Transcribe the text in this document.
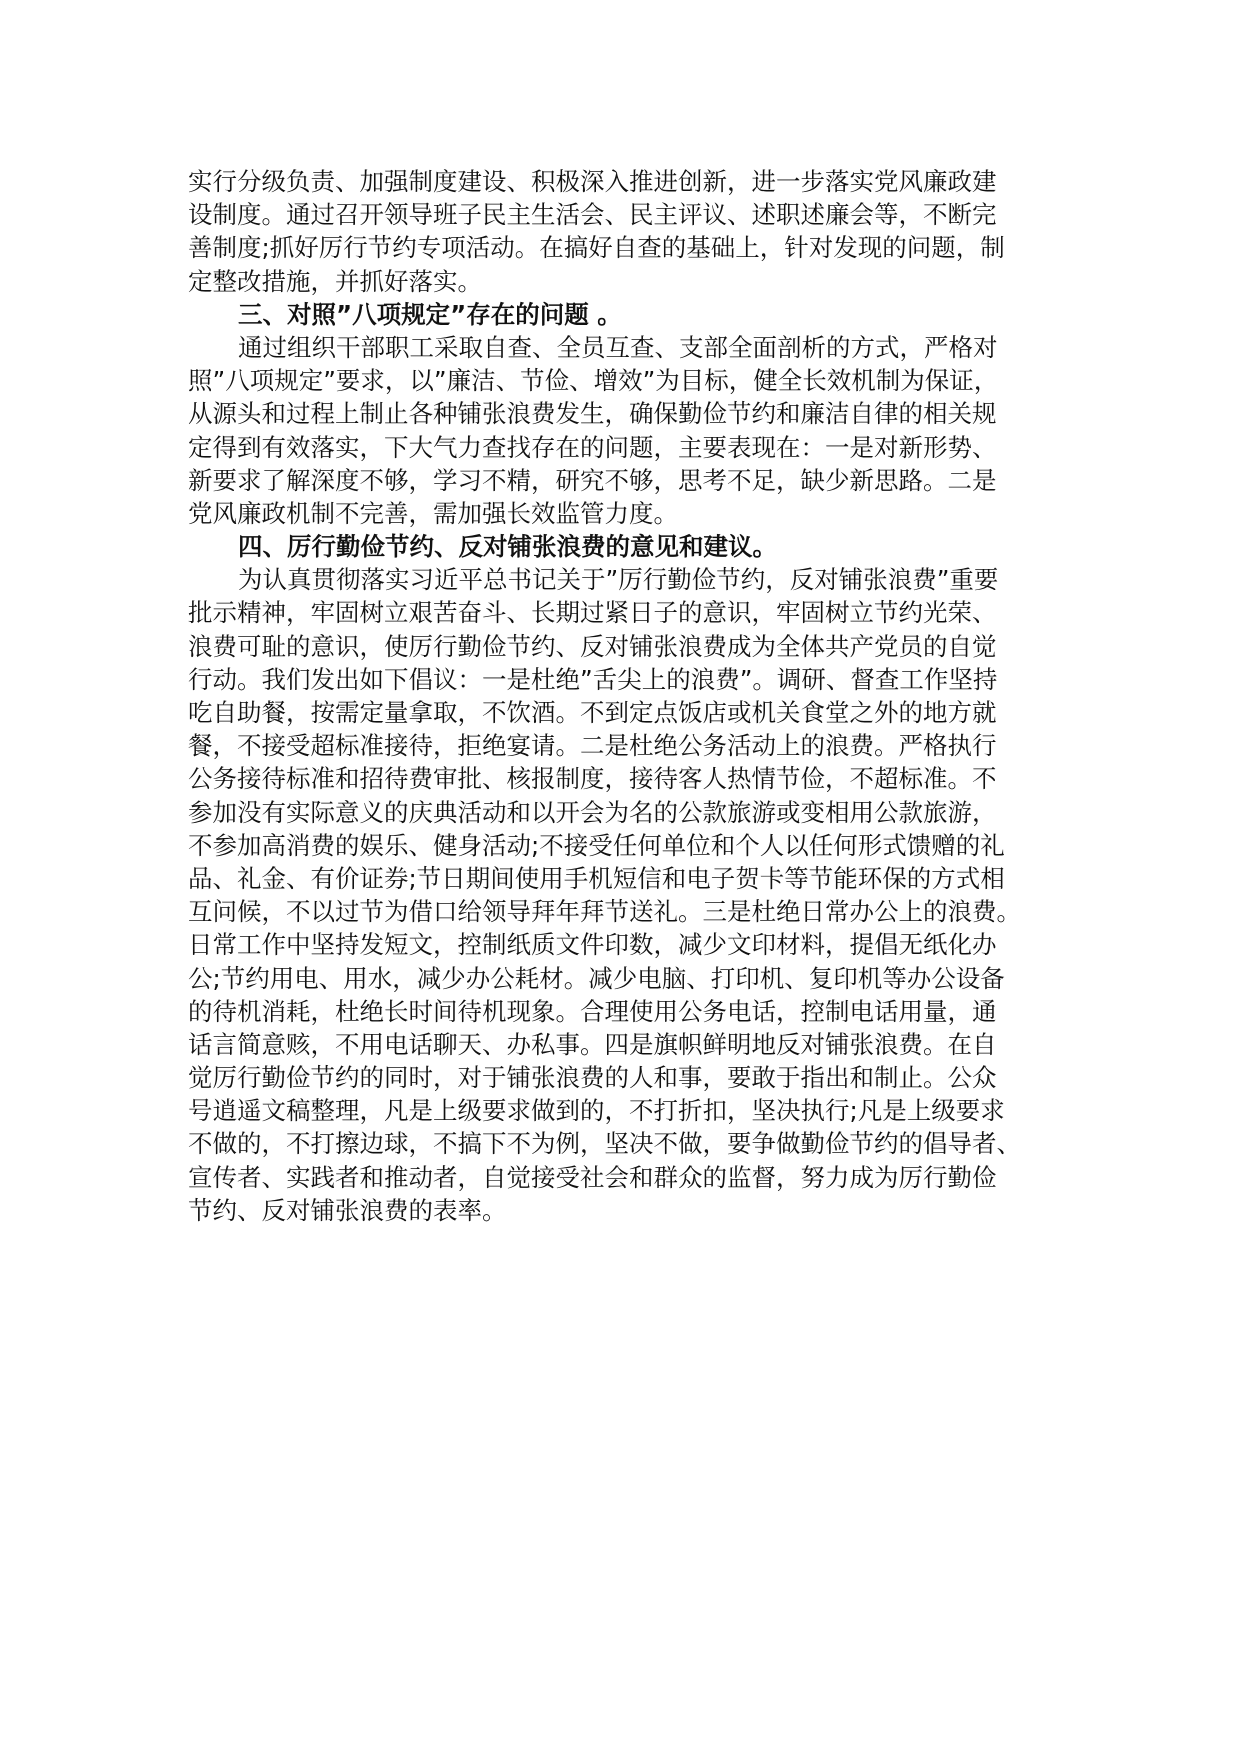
实行分级负责、加强制度建设、积极深入推进创新，进一步落实党风廉政建
设制度。通过召开领导班子民主生活会、民主评议、述职述廉会等，不断完
善制度;抓好厉行节约专项活动。在搞好自查的基础上，针对发现的问题，制
定整改措施，并抓好落实。
三、对照”八项规定”存在的问题 。
通过组织干部职工采取自查、全员互查、支部全面剖析的方式，严格对
照”八项规定”要求，以”廉洁、节俭、增效”为目标，健全长效机制为保证，
从源头和过程上制止各种铺张浪费发生，确保勤俭节约和廉洁自律的相关规
定得到有效落实，下大气力查找存在的问题，主要表现在：一是对新形势、
新要求了解深度不够，学习不精，研究不够，思考不足，缺少新思路。二是
党风廉政机制不完善，需加强长效监管力度。
四、厉行勤俭节约、反对铺张浪费的意见和建议。
为认真贯彻落实习近平总书记关于”厉行勤俭节约，反对铺张浪费”重要
批示精神，牢固树立艰苦奋斗、长期过紧日子的意识，牢固树立节约光荣、
浪费可耻的意识，使厉行勤俭节约、反对铺张浪费成为全体共产党员的自觉
行动。我们发出如下倡议：一是杜绝”舌尖上的浪费”。调研、督查工作坚持
吃自助餐，按需定量拿取，不饮酒。不到定点饭店或机关食堂之外的地方就
餐，不接受超标准接待，拒绝宴请。二是杜绝公务活动上的浪费。严格执行
公务接待标准和招待费审批、核报制度，接待客人热情节俭，不超标准。不
参加没有实际意义的庆典活动和以开会为名的公款旅游或变相用公款旅游，
不参加高消费的娱乐、健身活动;不接受任何单位和个人以任何形式馈赠的礼
品、礼金、有价证券;节日期间使用手机短信和电子贺卡等节能环保的方式相
互问候，不以过节为借口给领导拜年拜节送礼。三是杜绝日常办公上的浪费。
日常工作中坚持发短文，控制纸质文件印数，减少文印材料，提倡无纸化办
公;节约用电、用水，减少办公耗材。减少电脑、打印机、复印机等办公设备
的待机消耗，杜绝长时间待机现象。合理使用公务电话，控制电话用量，通
话言简意赅，不用电话聊天、办私事。四是旗帜鲜明地反对铺张浪费。在自
觉厉行勤俭节约的同时，对于铺张浪费的人和事，要敢于指出和制止。公众
号逍遥文稿整理，凡是上级要求做到的，不打折扣，坚决执行;凡是上级要求
不做的，不打擦边球，不搞下不为例，坚决不做，要争做勤俭节约的倡导者、
宣传者、实践者和推动者，自觉接受社会和群众的监督，努力成为厉行勤俭
节约、反对铺张浪费的表率。
